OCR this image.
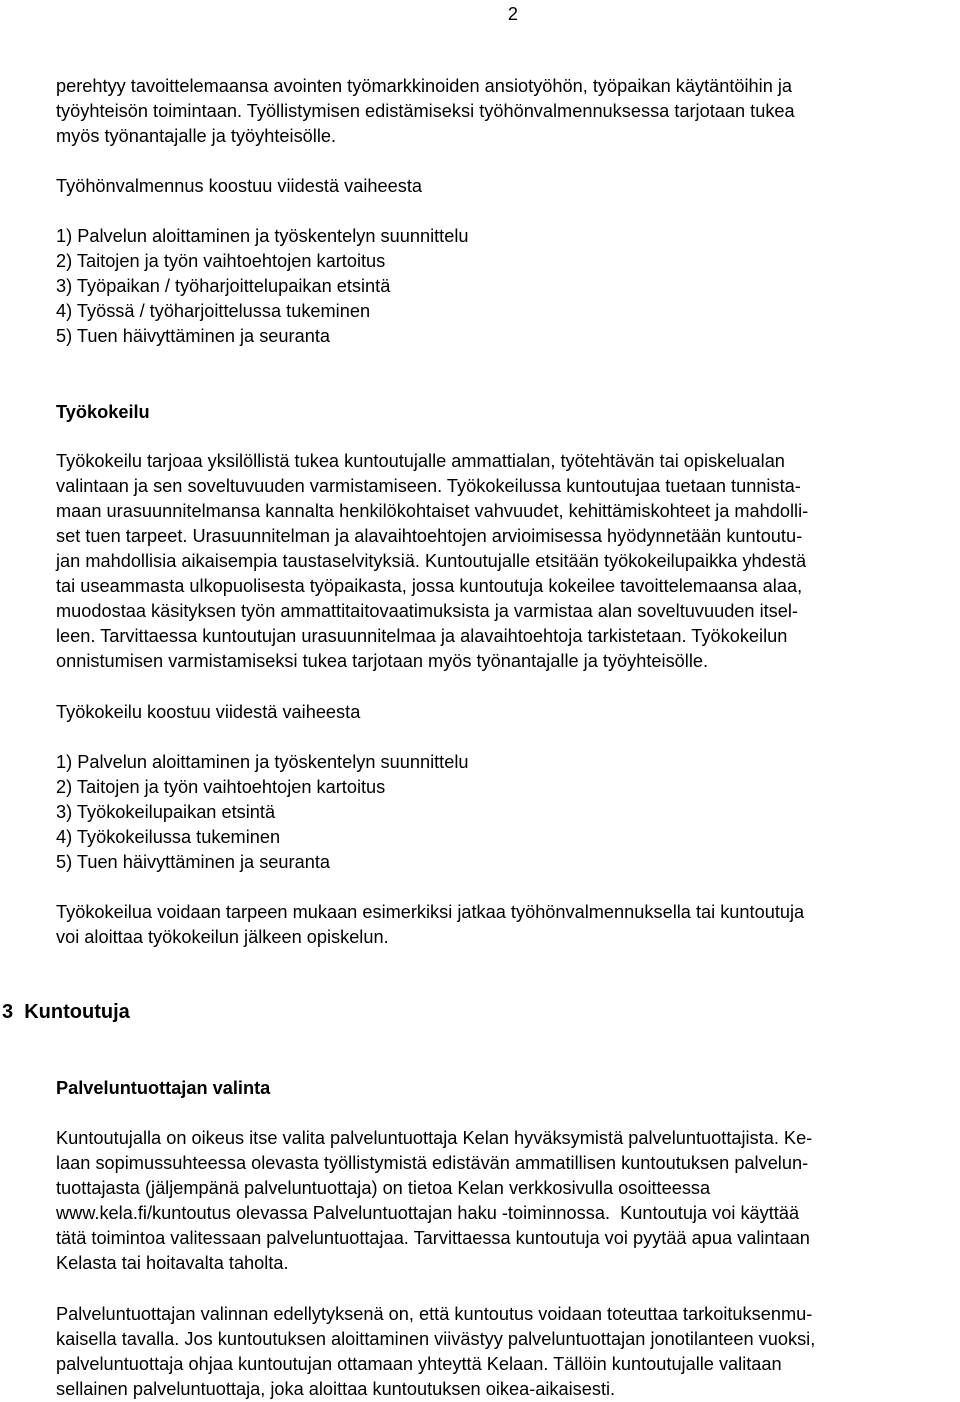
2
perehtyy tavoittelemaansa avointen työmarkkinoiden ansiotyöhön, työpaikan käytäntöihin ja
työyhteisön toimintaan. Työllistymisen edistämiseksi työhönvalmennuksessa tarjotaan tukea
myös työnantajalle ja työyhteisölle.
Työhönvalmennus koostuu viidestä vaiheesta
1) Palvelun aloittaminen ja työskentelyn suunnittelu
2) Taitojen ja työn vaihtoehtojen kartoitus
3) Työpaikan / työharjoittelupaikan etsintä
4) Työssä / työharjoittelussa tukeminen
5) Tuen häivyttäminen ja seuranta
Työkokeilu
Työkokeilu tarjoaa yksilöllistä tukea kuntoutujalle ammattialan, työtehtävän tai opiskelualan
valintaan ja sen soveltuvuuden varmistamiseen. Työkokeilussa kuntoutujaa tuetaan tunnista-
maan urasuunnitelmansa kannalta henkilökohtaiset vahvuudet, kehittämiskohteet ja mahdolli-
set tuen tarpeet. Urasuunnitelman ja alavaihtoehtojen arvioimisessa hyödynnetään kuntoutu-
jan mahdollisia aikaisempia taustaselvityksiä. Kuntoutujalle etsitään työkokeilupaikka yhdestä
tai useammasta ulkopuolisesta työpaikasta, jossa kuntoutuja kokeilee tavoittelemaansa alaa,
muodostaa käsityksen työn ammattitaitovaatimuksista ja varmistaa alan soveltuvuuden itsel-
leen. Tarvittaessa kuntoutujan urasuunnitelmaa ja alavaihtoehtoja tarkistetaan. Työkokeilun
onnistumisen varmistamiseksi tukea tarjotaan myös työnantajalle ja työyhteisölle.
Työkokeilu koostuu viidestä vaiheesta
1) Palvelun aloittaminen ja työskentelyn suunnittelu
2) Taitojen ja työn vaihtoehtojen kartoitus
3) Työkokeilupaikan etsintä
4) Työkokeilussa tukeminen
5) Tuen häivyttäminen ja seuranta
Työkokeilua voidaan tarpeen mukaan esimerkiksi jatkaa työhönvalmennuksella tai kuntoutuja
voi aloittaa työkokeilun jälkeen opiskelun.
3  Kuntoutuja
Palveluntuottajan valinta
Kuntoutujalla on oikeus itse valita palveluntuottaja Kelan hyväksymistä palveluntuottajista. Ke-
laan sopimussuhteessa olevasta työllistymistä edistävän ammatillisen kuntoutuksen palvelun-
tuottajasta (jäljempänä palveluntuottaja) on tietoa Kelan verkkosivulla osoitteessa
www.kela.fi/kuntoutus olevassa Palveluntuottajan haku -toiminnossa.  Kuntoutuja voi käyttää
tätä toimintoa valitessaan palveluntuottajaa. Tarvittaessa kuntoutuja voi pyytää apua valintaan
Kelasta tai hoitavalta taholta.
Palveluntuottajan valinnan edellytyksenä on, että kuntoutus voidaan toteuttaa tarkoituksenmu-
kaisella tavalla. Jos kuntoutuksen aloittaminen viivästyy palveluntuottajan jonotilanteen vuoksi,
palveluntuottaja ohjaa kuntoutujan ottamaan yhteyttä Kelaan. Tällöin kuntoutujalle valitaan
sellainen palveluntuottaja, joka aloittaa kuntoutuksen oikea-aikaisesti.
